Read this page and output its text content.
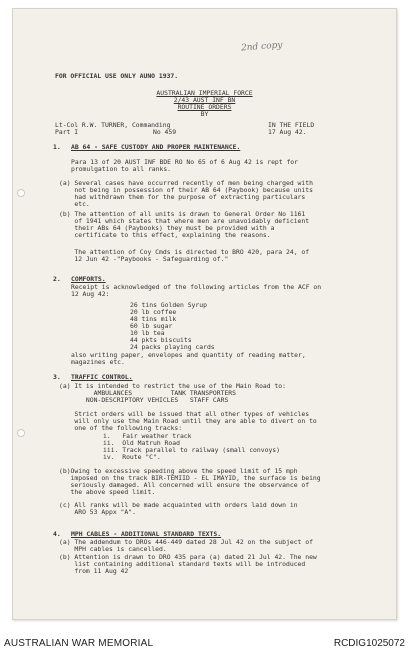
2nd copy
FOR OFFICIAL USE ONLY AUNO 1937.
AUSTRALIAN IMPERIAL FORCE
2/43 AUST INF BN
ROUTINE ORDERS
BY
Lt-Col R.W. TURNER, Commanding	IN THE FIELD
Part I	No 459	17 Aug 42.
1. AB 64 - SAFE CUSTODY AND PROPER MAINTENANCE.
Para 13 of 20 AUST INF BDE RO No 65 of 6 Aug 42 is rept for
promulgation to all ranks.
(a) Several cases have occurred recently of men being charged with
not being in possession of their AB 64 (Paybook) because units
had withdrawn them for the purpose of extracting particulars
etc.
(b) The attention of all units is drawn to General Order No 1161
of 1941 which states that where men are unavoidably deficient
their ABs 64 (Paybooks) they must be provided with a
certificate to this effect, explaining the reasons.
The attention of Coy Cmds is directed to BRO 420, para 24, of
12 Jun 42 -"Paybooks - Safeguarding of."
2. COMFORTS.
Receipt is acknowledged of the following articles from the ACF on
12 Aug 42:
26 tins Golden Syrup
20 lb coffee
48 tins milk
60 lb sugar
10 lb tea
44 pkts biscuits
24 packs playing cards
also writing paper, envelopes and quantity of reading matter,
magazines etc.
3. TRAFFIC CONTROL.
(a) It is intended to restrict the use of the Main Road to:
AMBULANCES          TANK TRANSPORTERS
NON-DESCRIPTORY VEHICLES   STAFF CARS
Strict orders will be issued that all other types of vehicles
will only use the Main Road until they are able to divert on to
one of the following tracks:
i.   Fair weather track
ii.  Old Matruh Road
iii. Track parallel to railway (small convoys)
iv.  Route "C".
(b)Owing to excessive speeding above the speed limit of 15 mph
imposed on the track BIR-TEMIID - EL IMAYID, the surface is being
seriously damaged. All concerned will ensure the observance of
the above speed limit.
(c) All ranks will be made acquainted with orders laid down in
ARO 53 Appx "A".
4. MPH CABLES - ADDITIONAL STANDARD TEXTS.
(a) The addendum to DROs 446-449 dated 28 Jul 42 on the subject of
MPH cables is cancelled.
(b) Attention is drawn to DRO 435 para (a) dated 21 Jul 42. The new
list containing additional standard texts will be introduced
from 11 Aug 42
AUSTRALIAN WAR MEMORIAL	RCDIG1025072
